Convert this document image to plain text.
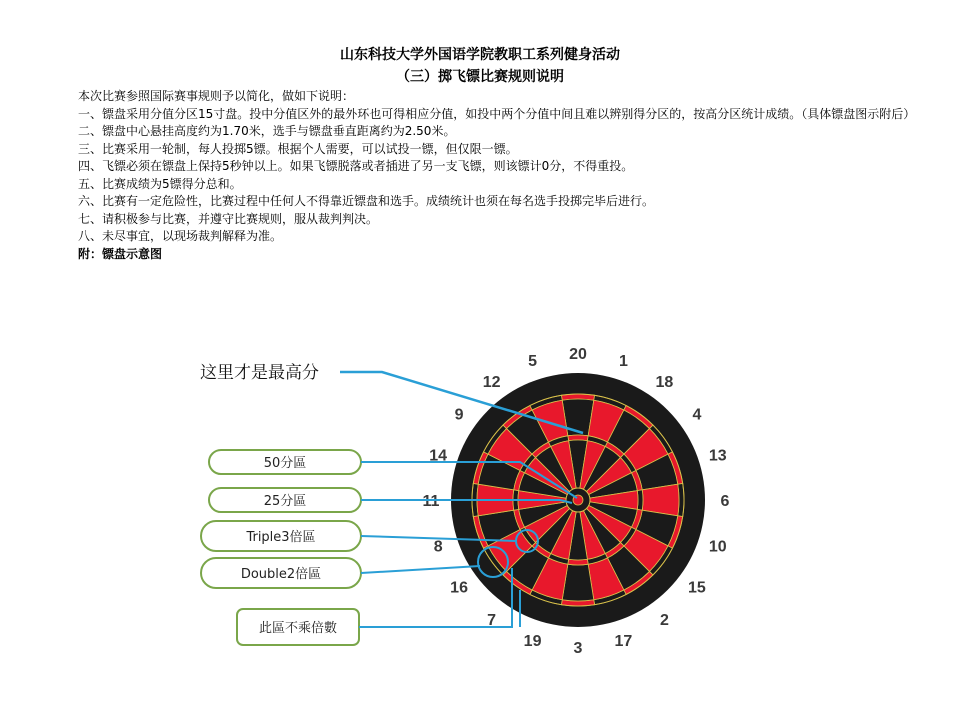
山东科技大学外国语学院教职工系列健身活动
（三）掷飞镖比赛规则说明

本次比赛参照国际赛事规则予以简化，做如下说明：

一、镖盘采用分值分区15寸盘。投中分值区外的最外环也可得相应分值，如投中两个分值中间且难以辨别得分区的，按高分区统计成绩。（具体镖盘图示附后）

二、镖盘中心悬挂高度约为1.70米，选手与镖盘垂直距离约为2.50米。

三、比赛采用一轮制，每人投掷5镖。根据个人需要，可以试投一镖，但仅限一镖。

四、飞镖必须在镖盘上保持5秒钟以上。如果飞镖脱落或者插进了另一支飞镖，则该镖计0分，不得重投。

五、比赛成绩为5镖得分总和。

六、比赛有一定危险性，比赛过程中任何人不得靠近镖盘和选手。成绩统计也须在每名选手投掷完毕后进行。

七、请积极参与比赛，并遵守比赛规则，服从裁判判决。

八、未尽事宜，以现场裁判解释为准。

附：镖盘示意图

20 1
18
4
13
6
10
15
2
17
3
19
7
16
8
11
14
9
12
5
50分區
25分區
Triple3倍區
Double2倍區
此區不乘倍數
这里才是最高分
